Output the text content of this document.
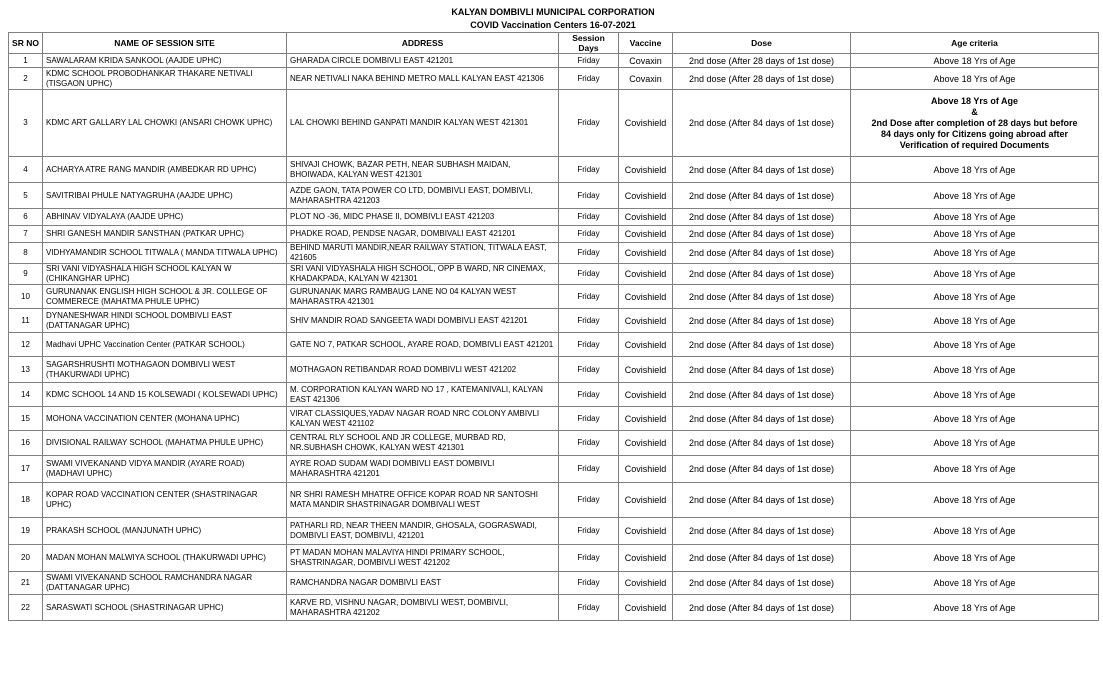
KALYAN DOMBIVLI MUNICIPAL CORPORATION
COVID Vaccination Centers 16-07-2021
SR NO	NAME OF SESSION SITE	ADDRESS	Session Days	Vaccine	Dose	Age criteria
1	SAWALARAM KRIDA SANKOOL (AAJDE UPHC)	GHARADA CIRCLE DOMBIVLI EAST 421201	Friday	Covaxin	2nd dose (After 28 days of 1st dose)	Above 18 Yrs of Age
2	KDMC SCHOOL PROBODHANKAR THAKARE NETIVALI (TISGAON UPHC)	NEAR NETIVALI NAKA BEHIND METRO MALL KALYAN EAST 421306	Friday	Covaxin	2nd dose (After 28 days of 1st dose)	Above 18 Yrs of Age
3	KDMC ART GALLARY LAL CHOWKI (ANSARI CHOWK UPHC)	LAL CHOWKI BEHIND GANPATI MANDIR KALYAN WEST 421301	Friday	Covishield	2nd dose (After 84 days of 1st dose)	Above 18 Yrs of Age
&
2nd Dose after completion of 28 days but before
84 days only for Citizens going abroad after
Verification of required Documents

4	ACHARYA ATRE RANG MANDIR (AMBEDKAR RD UPHC)	SHIVAJI CHOWK, BAZAR PETH, NEAR SUBHASH MAIDAN, BHOIWADA, KALYAN WEST 421301	Friday	Covishield	2nd dose (After 84 days of 1st dose)	Above 18 Yrs of Age
5	SAVITRIBAI PHULE NATYAGRUHA (AAJDE UPHC)	AZDE GAON, TATA POWER CO LTD, DOMBIVLI EAST, DOMBIVLI, MAHARASHTRA 421203	Friday	Covishield	2nd dose (After 84 days of 1st dose)	Above 18 Yrs of Age
6	ABHINAV VIDYALAYA (AAJDE UPHC)	PLOT NO -36, MIDC PHASE II, DOMBIVLI EAST 421203	Friday	Covishield	2nd dose (After 84 days of 1st dose)	Above 18 Yrs of Age
7	SHRI GANESH MANDIR SANSTHAN (PATKAR UPHC)	PHADKE ROAD, PENDSE NAGAR, DOMBIVALI EAST 421201	Friday	Covishield	2nd dose (After 84 days of 1st dose)	Above 18 Yrs of Age
8	VIDHYAMANDIR SCHOOL TITWALA ( MANDA TITWALA UPHC)	BEHIND MARUTI MANDIR,NEAR RAILWAY STATION, TITWALA EAST, 421605	Friday	Covishield	2nd dose (After 84 days of 1st dose)	Above 18 Yrs of Age
9	SRI VANI VIDYASHALA HIGH SCHOOL KALYAN W (CHIKANGHAR UPHC)	SRI VANI VIDYASHALA HIGH SCHOOL, OPP B WARD, NR CINEMAX, KHADAKPADA, KALYAN W 421301	Friday	Covishield	2nd dose (After 84 days of 1st dose)	Above 18 Yrs of Age
10	GURUNANAK ENGLISH HIGH SCHOOL & JR. COLLEGE OF COMMERECE (MAHATMA PHULE UPHC)	GURUNANAK MARG RAMBAUG LANE NO 04 KALYAN WEST MAHARASTRA 421301	Friday	Covishield	2nd dose (After 84 days of 1st dose)	Above 18 Yrs of Age
11	DYNANESHWAR HINDI SCHOOL DOMBIVLI EAST (DATTANAGAR UPHC)	SHIV MANDIR ROAD SANGEETA WADI DOMBIVLI EAST 421201	Friday	Covishield	2nd dose (After 84 days of 1st dose)	Above 18 Yrs of Age
12	Madhavi UPHC Vaccination Center (PATKAR SCHOOL)	GATE NO 7, PATKAR SCHOOL, AYARE ROAD, DOMBIVLI EAST 421201	Friday	Covishield	2nd dose (After 84 days of 1st dose)	Above 18 Yrs of Age
13	SAGARSHRUSHTI MOTHAGAON DOMBIVLI WEST (THAKURWADI UPHC)	MOTHAGAON RETIBANDAR ROAD DOMBIVLI WEST 421202	Friday	Covishield	2nd dose (After 84 days of 1st dose)	Above 18 Yrs of Age
14	KDMC SCHOOL 14 AND 15 KOLSEWADI ( KOLSEWADI UPHC)	M. CORPORATION KALYAN WARD NO 17 , KATEMANIVALI, KALYAN EAST 421306	Friday	Covishield	2nd dose (After 84 days of 1st dose)	Above 18 Yrs of Age
15	MOHONA VACCINATION CENTER (MOHANA UPHC)	VIRAT CLASSIQUES,YADAV NAGAR ROAD NRC COLONY AMBIVLI KALYAN WEST 421102	Friday	Covishield	2nd dose (After 84 days of 1st dose)	Above 18 Yrs of Age
16	DIVISIONAL RAILWAY SCHOOL (MAHATMA PHULE UPHC)	CENTRAL RLY SCHOOL AND JR COLLEGE, MURBAD RD, NR.SUBHASH CHOWK, KALYAN WEST 421301	Friday	Covishield	2nd dose (After 84 days of 1st dose)	Above 18 Yrs of Age
17	SWAMI VIVEKANAND VIDYA MANDIR (AYARE ROAD) (MADHAVI UPHC)	AYRE ROAD SUDAM WADI DOMBIVLI EAST DOMBIVLI MAHARASHTRA 421201	Friday	Covishield	2nd dose (After 84 days of 1st dose)	Above 18 Yrs of Age
18	KOPAR ROAD VACCINATION CENTER (SHASTRINAGAR UPHC)	NR SHRI RAMESH MHATRE OFFICE KOPAR ROAD NR SANTOSHI MATA MANDIR SHASTRINAGAR DOMBIVALI WEST	Friday	Covishield	2nd dose (After 84 days of 1st dose)	Above 18 Yrs of Age
19	PRAKASH SCHOOL (MANJUNATH UPHC)	PATHARLI RD, NEAR THEEN MANDIR, GHOSALA, GOGRASWADI, DOMBIVLI EAST, DOMBIVLI, 421201	Friday	Covishield	2nd dose (After 84 days of 1st dose)	Above 18 Yrs of Age
20	MADAN MOHAN MALWIYA SCHOOL (THAKURWADI UPHC)	PT MADAN MOHAN MALAVIYA HINDI PRIMARY SCHOOL, SHASTRINAGAR, DOMBIVLI WEST 421202	Friday	Covishield	2nd dose (After 84 days of 1st dose)	Above 18 Yrs of Age
21	SWAMI VIVEKANAND SCHOOL RAMCHANDRA NAGAR (DATTANAGAR UPHC)	RAMCHANDRA NAGAR DOMBIVLI EAST	Friday	Covishield	2nd dose (After 84 days of 1st dose)	Above 18 Yrs of Age
22	SARASWATI SCHOOL (SHASTRINAGAR UPHC)	KARVE RD, VISHNU NAGAR, DOMBIVLI WEST, DOMBIVLI, MAHARASHTRA 421202	Friday	Covishield	2nd dose (After 84 days of 1st dose)	Above 18 Yrs of Age
